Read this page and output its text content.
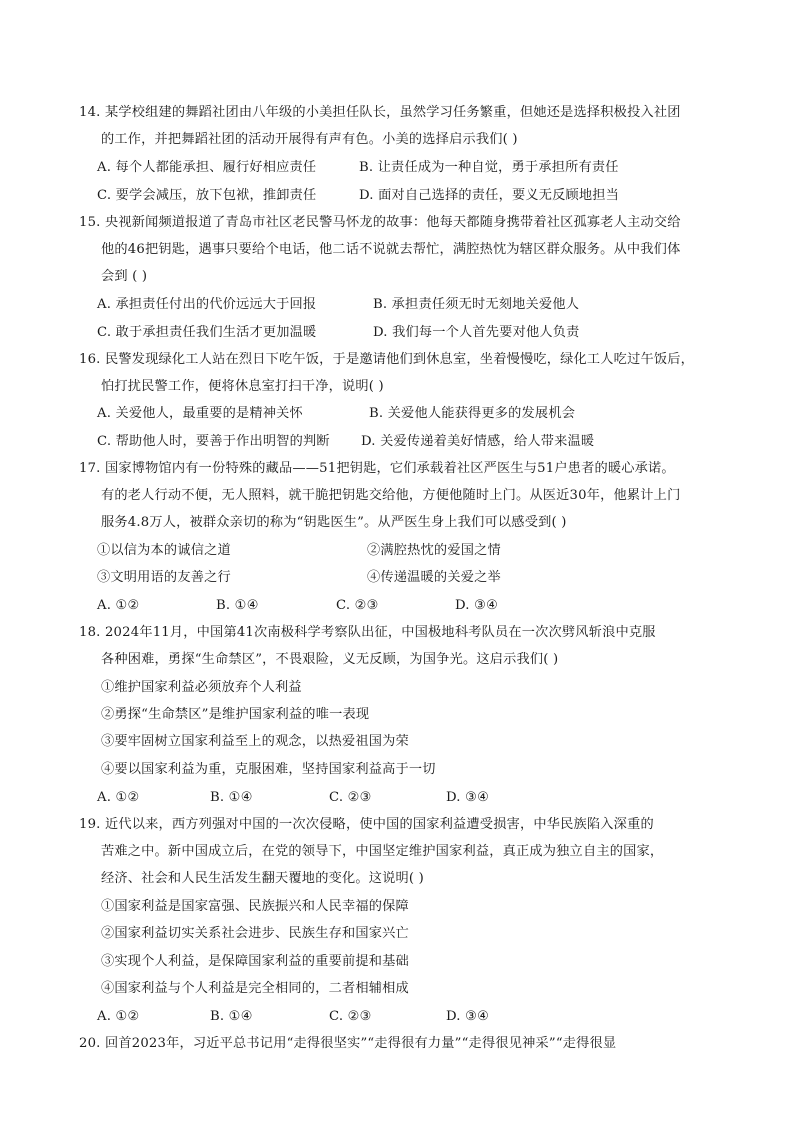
14. 某学校组建的舞蹈社团由八年级的小美担任队长，虽然学习任务繁重，但她还是选择积极投入社团
的工作，并把舞蹈社团的活动开展得有声有色。小美的选择启示我们( )
A. 每个人都能承担、履行好相应责任	B. 让责任成为一种自觉，勇于承担所有责任
C. 要学会减压，放下包袱，推卸责任	D. 面对自己选择的责任，要义无反顾地担当
15. 央视新闻频道报道了青岛市社区老民警马怀龙的故事：他每天都随身携带着社区孤寡老人主动交给
他的46把钥匙，遇事只要给个电话，他二话不说就去帮忙，满腔热忱为辖区群众服务。从中我们体
会到 ( )
A. 承担责任付出的代价远远大于回报	B. 承担责任须无时无刻地关爱他人
C. 敢于承担责任我们生活才更加温暖	D. 我们每一个人首先要对他人负责
16. 民警发现绿化工人站在烈日下吃午饭，于是邀请他们到休息室，坐着慢慢吃，绿化工人吃过午饭后，
怕打扰民警工作，便将休息室打扫干净，说明( )
A. 关爱他人，最重要的是精神关怀	B. 关爱他人能获得更多的发展机会
C. 帮助他人时，要善于作出明智的判断 D. 关爱传递着美好情感，给人带来温暖
17. 国家博物馆内有一份特殊的藏品——51把钥匙，它们承载着社区严医生与51户患者的暖心承诺。
有的老人行动不便，无人照料，就干脆把钥匙交给他，方便他随时上门。从医近30年，他累计上门
服务4.8万人，被群众亲切的称为“钥匙医生”。从严医生身上我们可以感受到( )
①以信为本的诚信之道	②满腔热忱的爱国之情
③文明用语的友善之行	④传递温暖的关爱之举
A. ①②	B. ①④	C. ②③	D. ③④
18. 2024年11月，中国第41次南极科学考察队出征，中国极地科考队员在一次次劈风斩浪中克服
各种困难，勇探“生命禁区”，不畏艰险，义无反顾，为国争光。这启示我们( )
①维护国家利益必须放弃个人利益
②勇探“生命禁区”是维护国家利益的唯一表现
③要牢固树立国家利益至上的观念，以热爱祖国为荣
④要以国家利益为重，克服困难，坚持国家利益高于一切
A. ①②	B. ①④	C. ②③	D. ③④
19. 近代以来，西方列强对中国的一次次侵略，使中国的国家利益遭受损害，中华民族陷入深重的
苦难之中。新中国成立后，在党的领导下，中国坚定维护国家利益，真正成为独立自主的国家，
经济、社会和人民生活发生翻天覆地的变化。这说明( )
①国家利益是国家富强、民族振兴和人民幸福的保障
②国家利益切实关系社会进步、民族生存和国家兴亡
③实现个人利益，是保障国家利益的重要前提和基础
④国家利益与个人利益是完全相同的，二者相辅相成
A. ①②	B. ①④	C. ②③	D. ③④
20. 回首2023年，习近平总书记用“走得很坚实”“走得很有力量”“走得很见神采”“走得很显
